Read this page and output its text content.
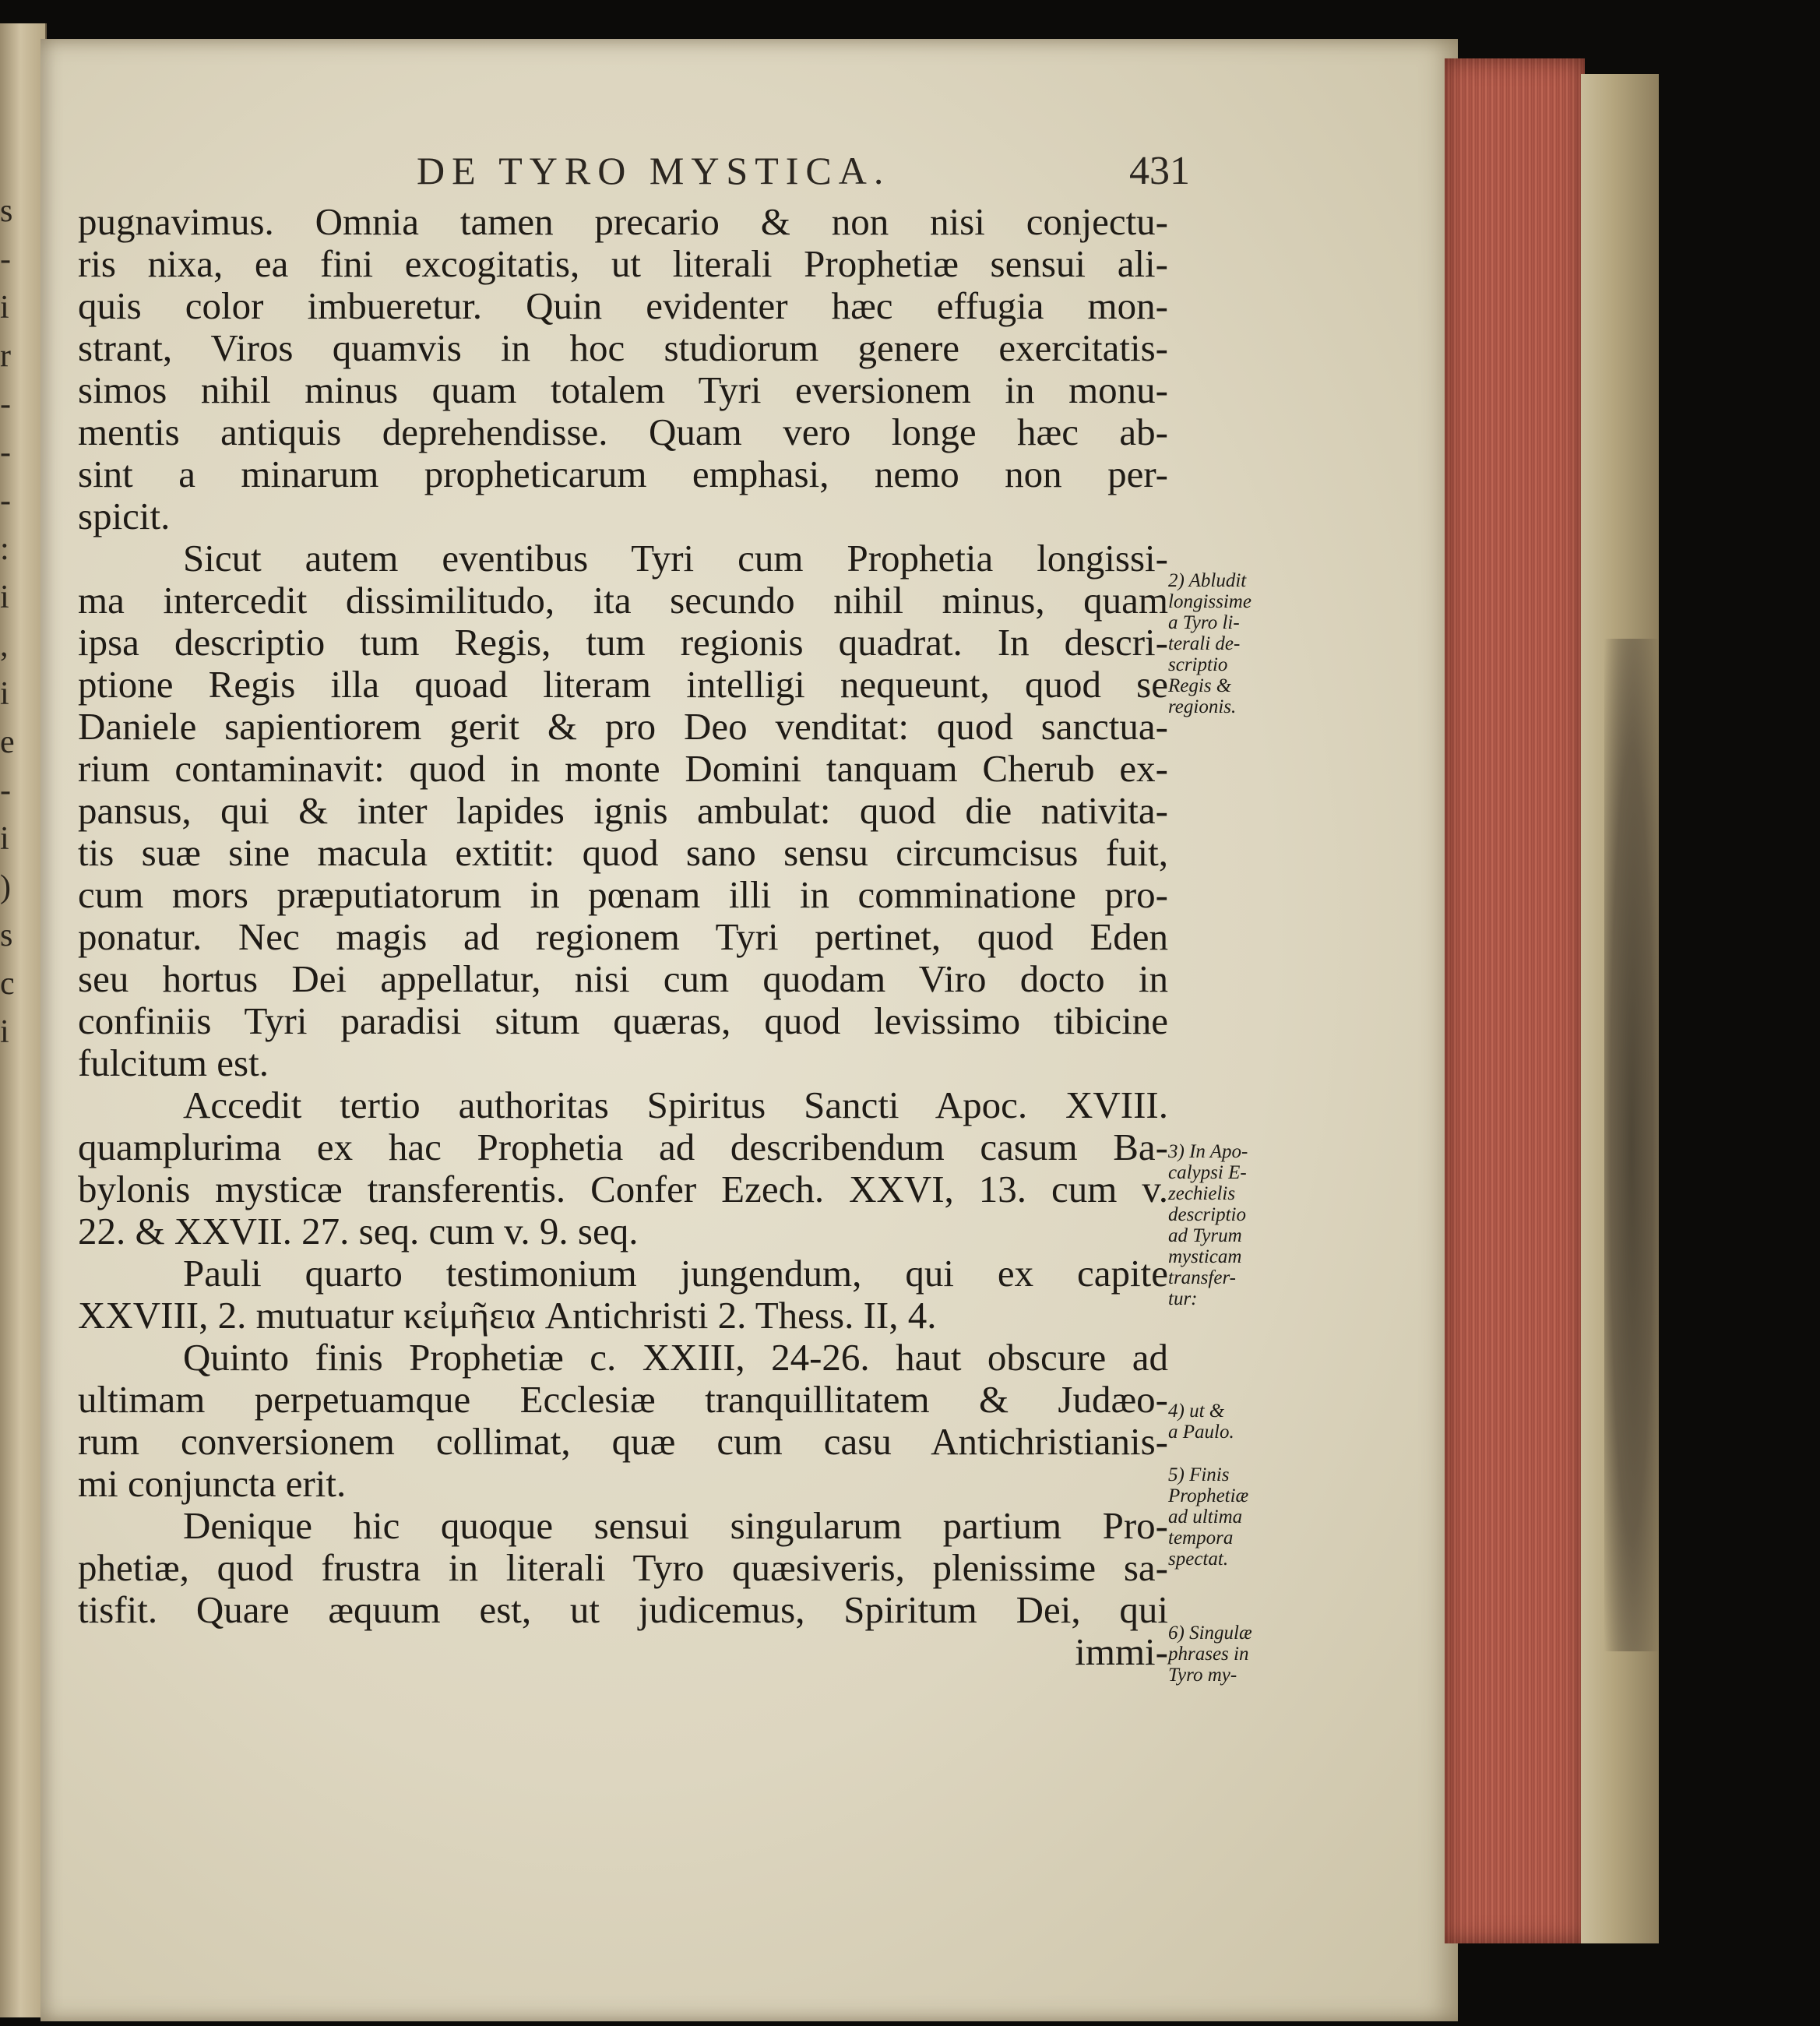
s
-
i
r
-
-
-
:
i
,
i
e
-
i
)
s
c
i
DE TYRO MYSTICA.	431
pugnavimus. Omnia tamen precario & non nisi conjectu-
ris nixa, ea fini excogitatis, ut literali Prophetiæ sensui ali-
quis color imbueretur. Quin evidenter hæc effugia mon-
strant, Viros quamvis in hoc studiorum genere exercitatis-
simos nihil minus quam totalem Tyri eversionem in monu-
mentis antiquis deprehendisse. Quam vero longe hæc ab-
sint a minarum propheticarum emphasi, nemo non per-
spicit.
Sicut autem eventibus Tyri cum Prophetia longissi-
ma intercedit dissimilitudo, ita secundo nihil minus, quam
ipsa descriptio tum Regis, tum regionis quadrat. In descri-
ptione Regis illa quoad literam intelligi nequeunt, quod se
Daniele sapientiorem gerit & pro Deo venditat: quod sanctua-
rium contaminavit: quod in monte Domini tanquam Cherub ex-
pansus, qui & inter lapides ignis ambulat: quod die nativita-
tis suæ sine macula extitit: quod sano sensu circumcisus fuit,
cum mors præputiatorum in pœnam illi in comminatione pro-
ponatur. Nec magis ad regionem Tyri pertinet, quod Eden
seu hortus Dei appellatur, nisi cum quodam Viro docto in
confiniis Tyri paradisi situm quæras, quod levissimo tibicine
fulcitum est.
Accedit tertio authoritas Spiritus Sancti Apoc. XVIII.
quamplurima ex hac Prophetia ad describendum casum Ba-
bylonis mysticæ transferentis. Confer Ezech. XXVI, 13. cum v.
22. & XXVII. 27. seq. cum v. 9. seq.
Pauli quarto testimonium jungendum, qui ex capite
XXVIII, 2. mutuatur κεἰμῆεια Antichristi 2. Thess. II, 4.
Quinto finis Prophetiæ c. XXIII, 24-26. haut obscure ad
ultimam perpetuamque Ecclesiæ tranquillitatem & Judæo-
rum conversionem collimat, quæ cum casu Antichristianis-
mi conjuncta erit.
Denique hic quoque sensui singularum partium Pro-
phetiæ, quod frustra in literali Tyro quæsiveris, plenissime sa-
tisfit. Quare æquum est, ut judicemus, Spiritum Dei, qui
immi-
2) Abludit
longissime
a Tyro li-
terali de-
scriptio
Regis &
regionis.
3) In Apo-
calypsi E-
zechielis
descriptio
ad Tyrum
mysticam
transfer-
tur:
4) ut &
a Paulo.
5) Finis
Prophetiæ
ad ultima
tempora
spectat.
6) Singulæ
phrases in
Tyro my-
